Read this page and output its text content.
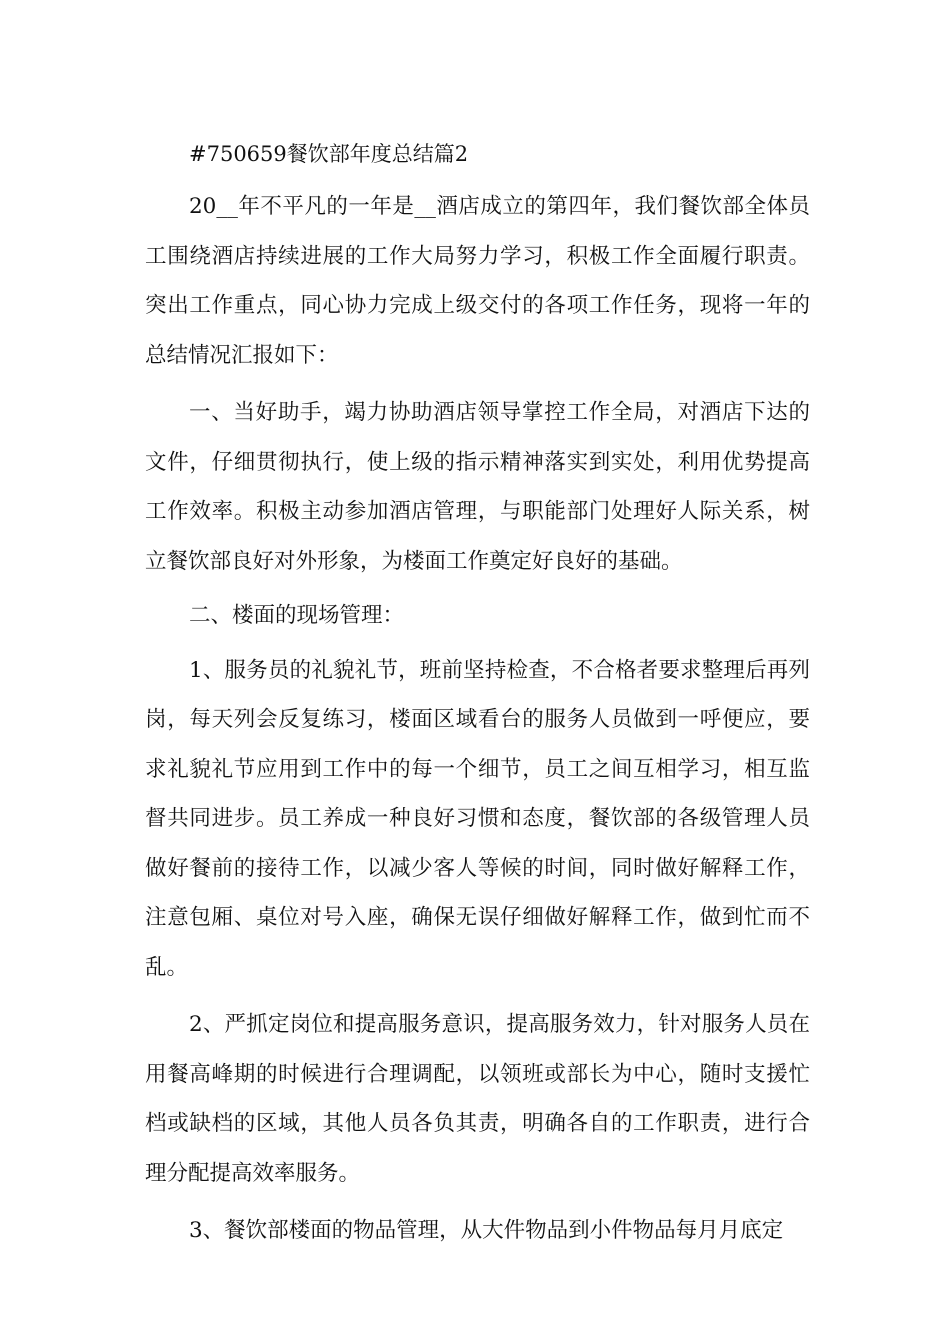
#750659餐饮部年度总结篇2

20__年不平凡的一年是__酒店成立的第四年，我们餐饮部全体员工围绕酒店持续进展的工作大局努力学习，积极工作全面履行职责。突出工作重点，同心协力完成上级交付的各项工作任务，现将一年的总结情况汇报如下：

一、当好助手，竭力协助酒店领导掌控工作全局，对酒店下达的文件，仔细贯彻执行，使上级的指示精神落实到实处，利用优势提高工作效率。积极主动参加酒店管理，与职能部门处理好人际关系，树立餐饮部良好对外形象，为楼面工作奠定好良好的基础。

二、楼面的现场管理：

1、服务员的礼貌礼节，班前坚持检查，不合格者要求整理后再列岗，每天列会反复练习，楼面区域看台的服务人员做到一呼便应，要求礼貌礼节应用到工作中的每一个细节，员工之间互相学习，相互监督共同进步。员工养成一种良好习惯和态度，餐饮部的各级管理人员做好餐前的接待工作，以减少客人等候的时间，同时做好解释工作，注意包厢、桌位对号入座，确保无误仔细做好解释工作，做到忙而不乱。

2、严抓定岗位和提高服务意识，提高服务效力，针对服务人员在用餐高峰期的时候进行合理调配，以领班或部长为中心，随时支援忙档或缺档的区域，其他人员各负其责，明确各自的工作职责，进行合理分配提高效率服务。

3、餐饮部楼面的物品管理，从大件物品到小件物品每月月底定
